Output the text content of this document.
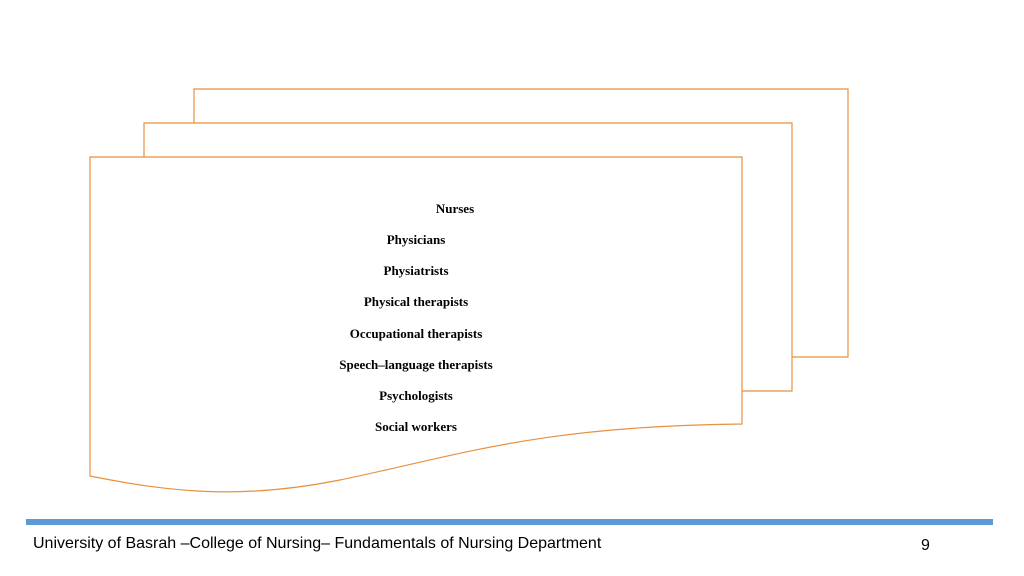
Nurses
Physicians
Physiatrists
Physical therapists
Occupational therapists
Speech–language therapists
Psychologists
Social workers
University of Basrah –College of Nursing– Fundamentals of Nursing Department	9
